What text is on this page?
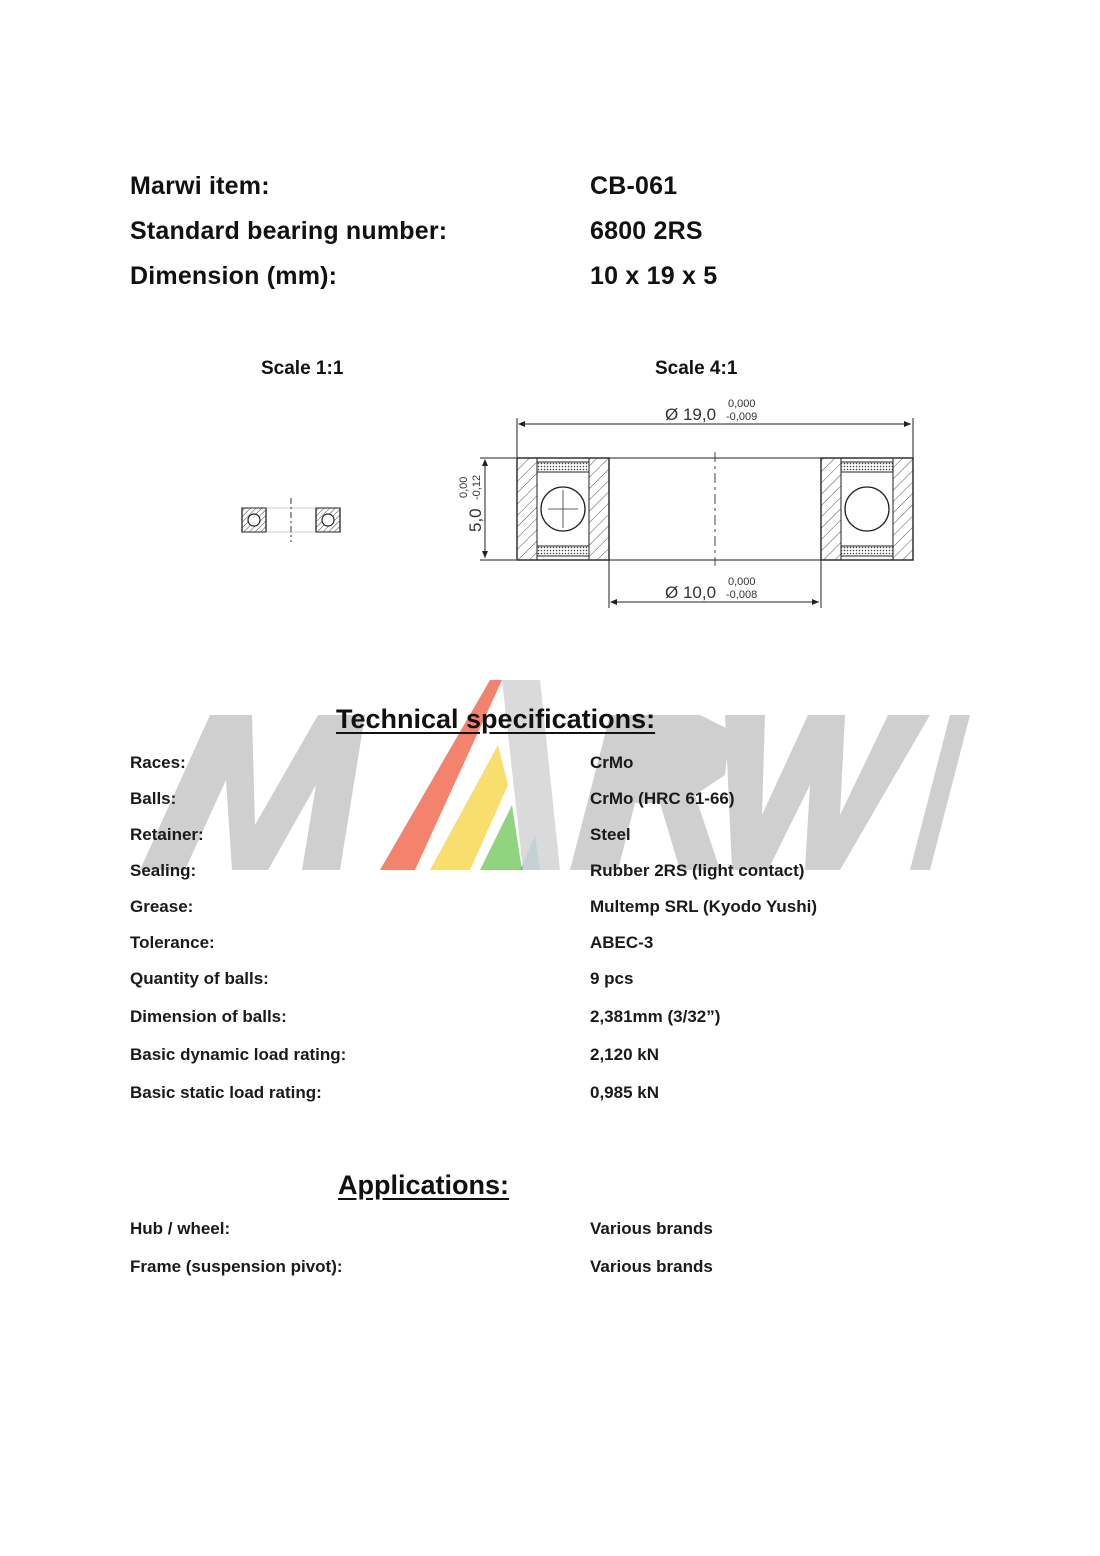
Marwi item:	CB-061
Standard bearing number:	6800 2RS
Dimension (mm):	10 x 19 x 5
Scale 1:1	Scale 4:1
Ø 19,0
0,000
-0,009
5,0
0,00 -0,12
Ø 10,0
0,000
-0,008
Technical specifications:
Races:	CrMo
Balls:	CrMo (HRC 61-66)
Retainer:	Steel
Sealing:	Rubber 2RS (light contact)
Grease:	Multemp SRL (Kyodo Yushi)
Tolerance:	ABEC-3
Quantity of balls:	9 pcs
Dimension of balls:	2,381mm (3/32”)
Basic dynamic load rating:	2,120 kN
Basic static load rating:	0,985 kN
Applications:
Hub / wheel:	Various brands
Frame (suspension pivot):	Various brands
